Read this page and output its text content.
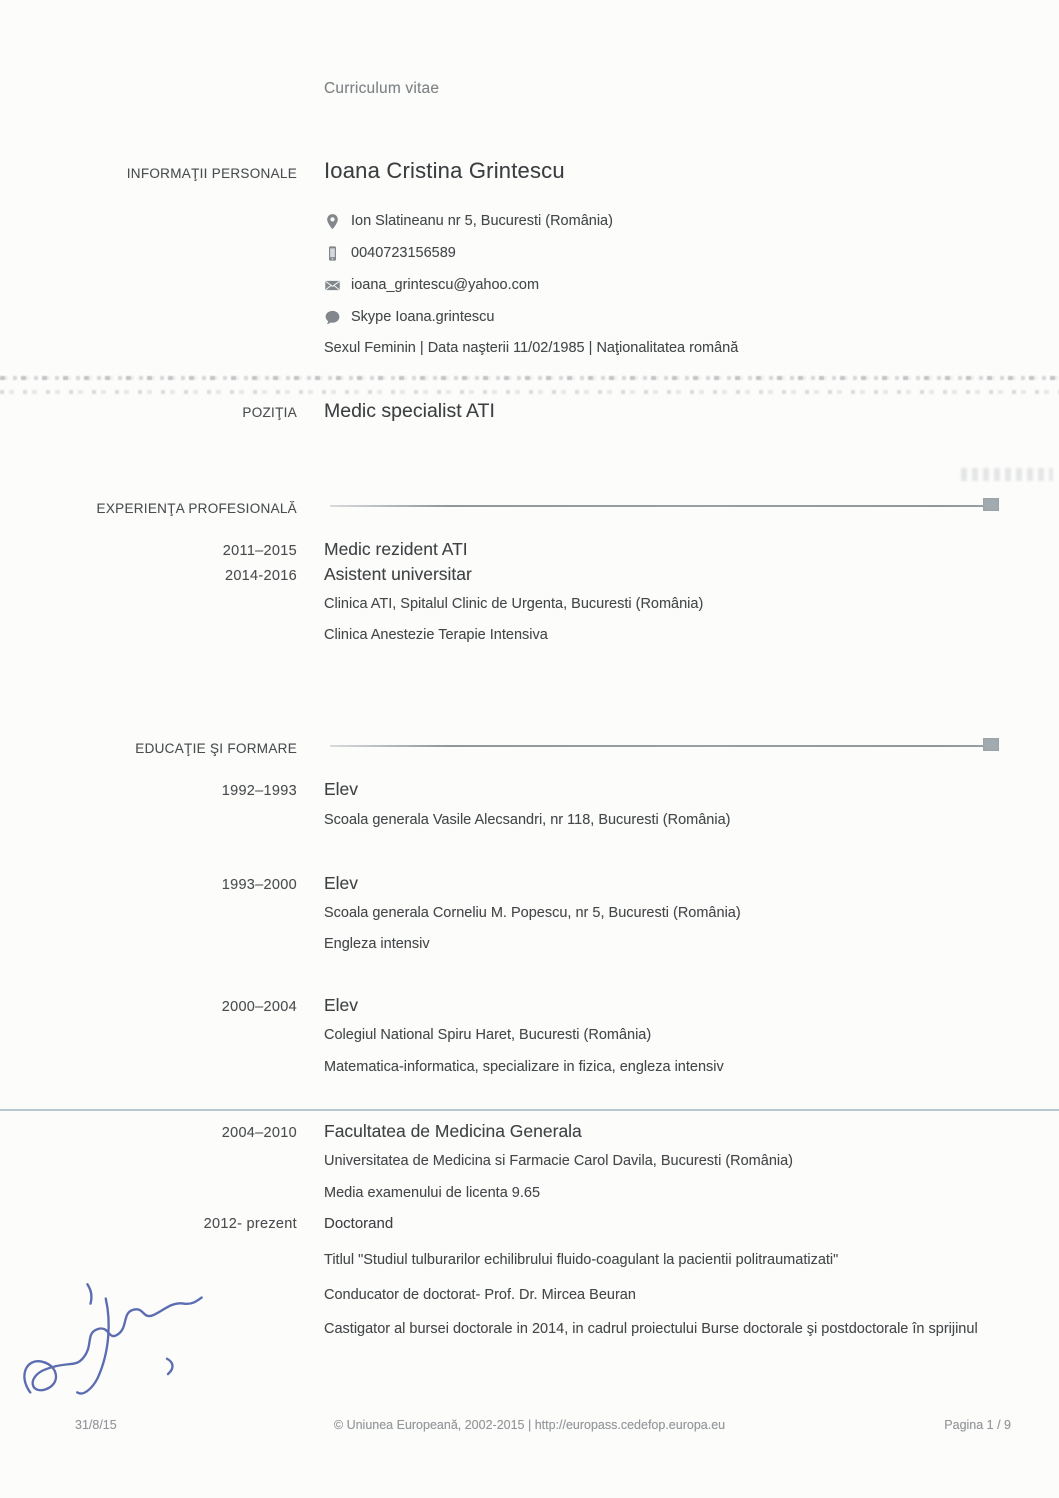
Curriculum vitae
INFORMAŢII PERSONALE Ioana Cristina Grintescu
Ion Slatineanu nr 5, Bucuresti (România)
0040723156589
ioana_grintescu@yahoo.com
Skype Ioana.grintescu
Sexul Feminin | Data naşterii 11/02/1985 | Naţionalitatea română
POZIŢIA Medic specialist ATI
EXPERIENŢA PROFESIONALĂ
2011–2015 Medic rezident ATI
2014-2016 Asistent universitar
Clinica ATI, Spitalul Clinic de Urgenta, Bucuresti (România)
Clinica Anestezie Terapie Intensiva
EDUCAŢIE ŞI FORMARE
1992–1993 Elev
Scoala generala Vasile Alecsandri, nr 118, Bucuresti (România)
1993–2000 Elev
Scoala generala Corneliu M. Popescu, nr 5, Bucuresti (România)
Engleza intensiv
2000–2004 Elev
Colegiul National Spiru Haret, Bucuresti (România)
Matematica-informatica, specializare in fizica, engleza intensiv
2004–2010 Facultatea de Medicina Generala
Universitatea de Medicina si Farmacie Carol Davila, Bucuresti (România)
Media examenului de licenta 9.65
2012- prezent Doctorand
Titlul "Studiul tulburarilor echilibrului fluido-coagulant la pacientii politraumatizati"
Conducator de doctorat- Prof. Dr. Mircea Beuran
Castigator al bursei doctorale in 2014, in cadrul proiectului Burse doctorale şi postdoctorale în sprijinul
31/8/15	© Uniunea Europeană, 2002-2015 | http://europass.cedefop.europa.eu	Pagina 1 / 9
